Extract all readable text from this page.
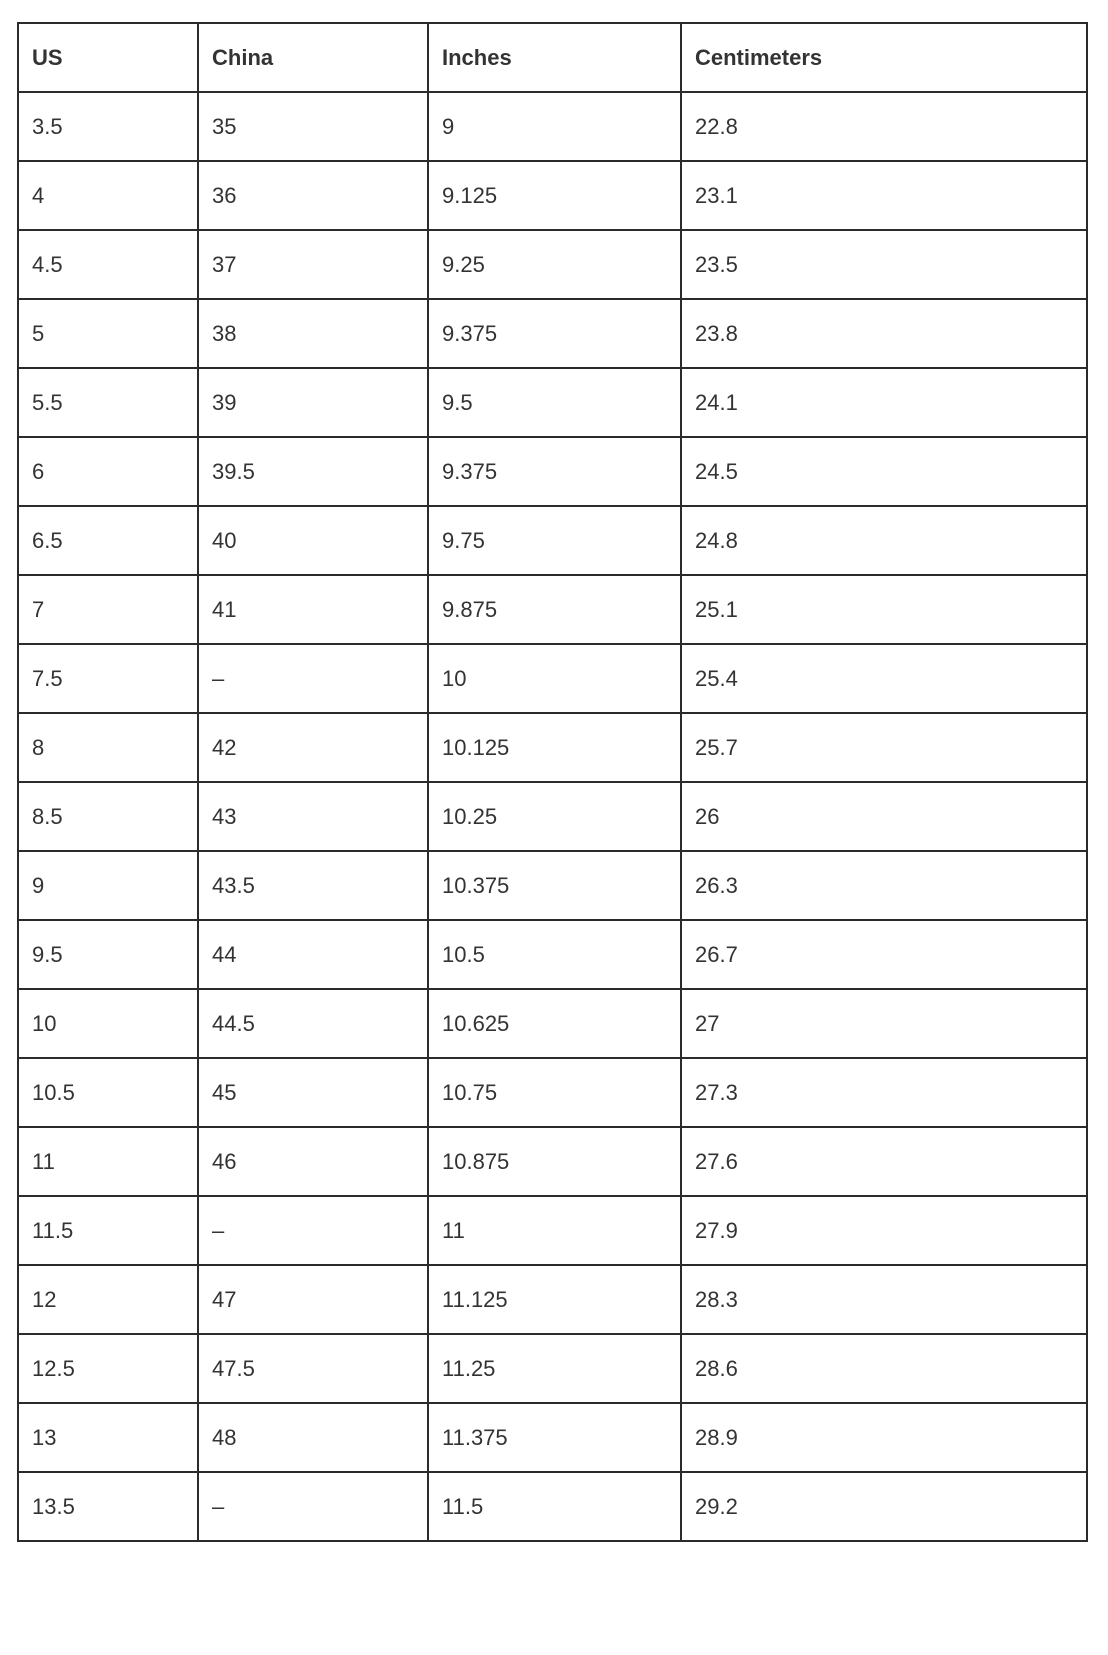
US	China	Inches	Centimeters
3.5	35	9	22.8
4	36	9.125	23.1
4.5	37	9.25	23.5
5	38	9.375	23.8
5.5	39	9.5	24.1
6	39.5	9.375	24.5
6.5	40	9.75	24.8
7	41	9.875	25.1
7.5	–	10	25.4
8	42	10.125	25.7
8.5	43	10.25	26
9	43.5	10.375	26.3
9.5	44	10.5	26.7
10	44.5	10.625	27
10.5	45	10.75	27.3
11	46	10.875	27.6
11.5	–	11	27.9
12	47	11.125	28.3
12.5	47.5	11.25	28.6
13	48	11.375	28.9
13.5	–	11.5	29.2
